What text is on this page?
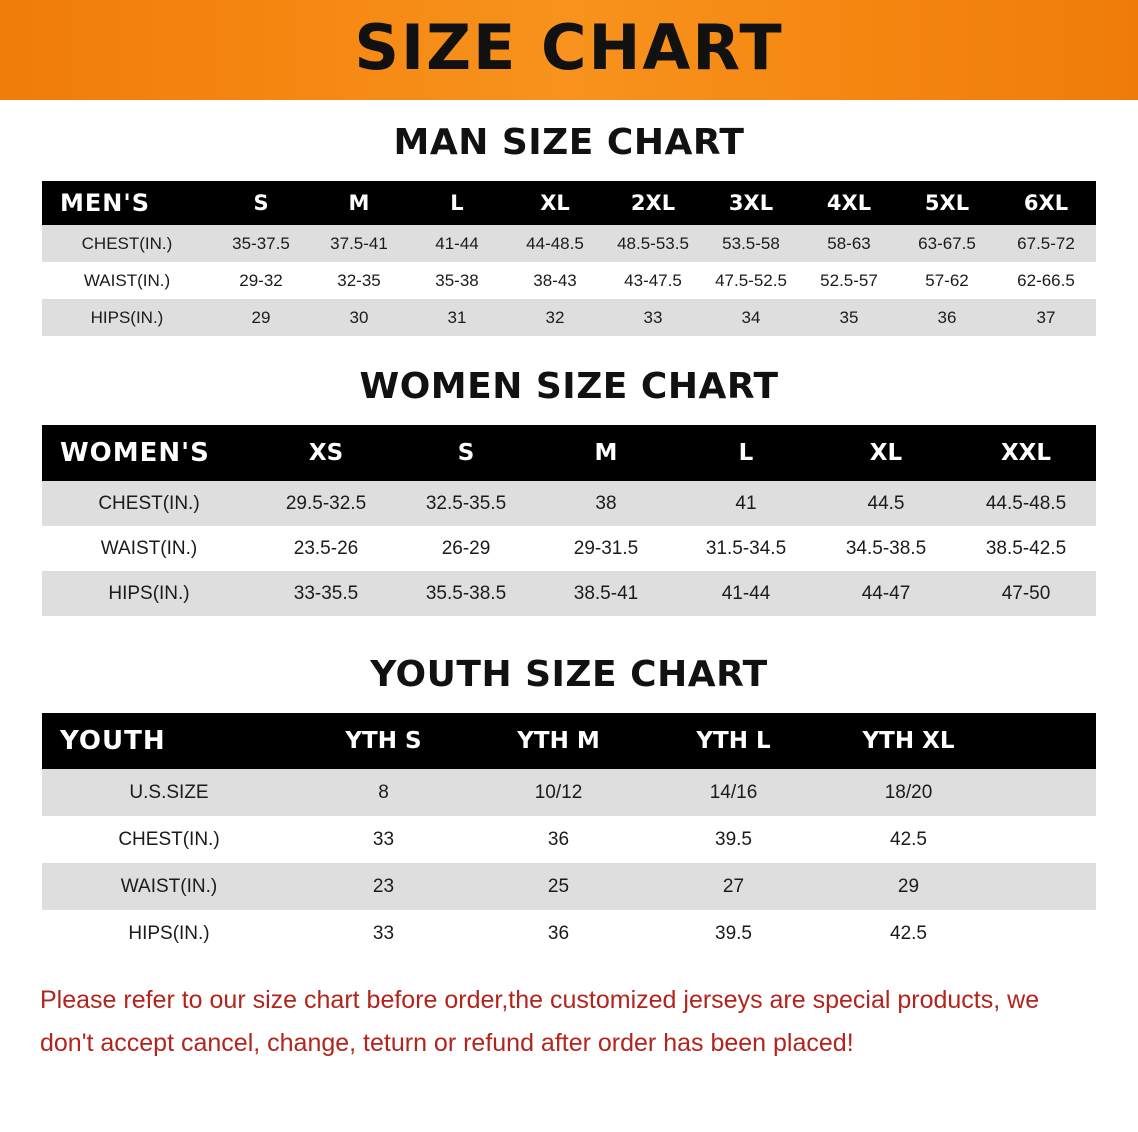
SIZE CHART
MAN SIZE CHART
MEN'S	S	M	L	XL	2XL	3XL	4XL	5XL	6XL
CHEST(IN.)	35-37.5	37.5-41	41-44	44-48.5	48.5-53.5	53.5-58	58-63	63-67.5	67.5-72
WAIST(IN.)	29-32	32-35	35-38	38-43	43-47.5	47.5-52.5	52.5-57	57-62	62-66.5
HIPS(IN.)	29	30	31	32	33	34	35	36	37
WOMEN SIZE CHART
WOMEN'S	XS	S	M	L	XL	XXL
CHEST(IN.)	29.5-32.5	32.5-35.5	38	41	44.5	44.5-48.5
WAIST(IN.)	23.5-26	26-29	29-31.5	31.5-34.5	34.5-38.5	38.5-42.5
HIPS(IN.)	33-35.5	35.5-38.5	38.5-41	41-44	44-47	47-50
YOUTH SIZE CHART
YOUTH	YTH S	YTH M	YTH L	YTH XL	
U.S.SIZE	8	10/12	14/16	18/20	
CHEST(IN.)	33	36	39.5	42.5	
WAIST(IN.)	23	25	27	29	
HIPS(IN.)	33	36	39.5	42.5	
Please refer to our size chart before order,the customized jerseys are special products, we don't accept cancel, change, teturn or refund after order has been placed!
